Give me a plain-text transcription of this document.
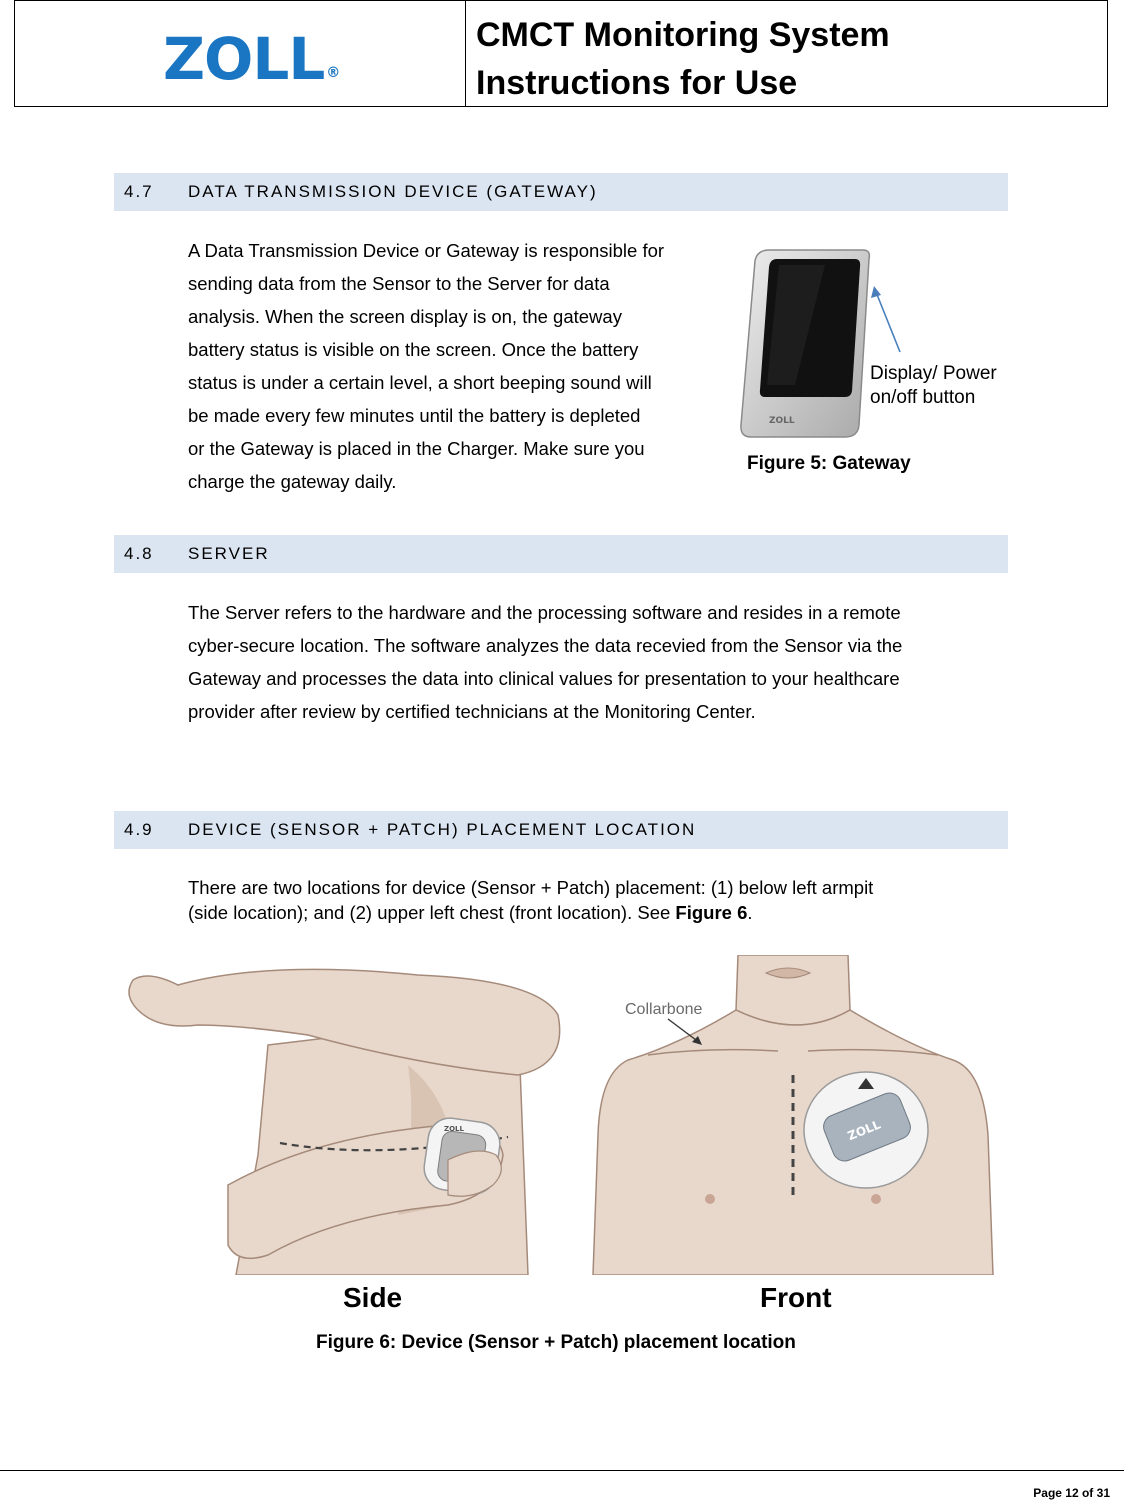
ZOLL ®

CMCT Monitoring System

Instructions for Use

4.7 DATA TRANSMISSION DEVICE (GATEWAY)

A Data Transmission Device or Gateway is responsible for

sending data from the Sensor to the Server for data

analysis. When the screen display is on, the gateway

battery status is visible on the screen. Once the battery

status is under a certain level, a short beeping sound will

be made every few minutes until the battery is depleted

or the Gateway is placed in the Charger. Make sure you

charge the gateway daily.

ZOLL
Display/ Power
on/off button
Figure 5: Gateway
4.8 SERVER

The Server refers to the hardware and the processing software and resides in a remote

cyber-secure location. The software analyzes the data recevied from the Sensor via the

Gateway and processes the data into clinical values for presentation to your healthcare

provider after review by certified technicians at the Monitoring Center.

4.9 DEVICE (SENSOR + PATCH) PLACEMENT LOCATION

There are two locations for device (Sensor + Patch) placement: (1) below left armpit

(side location); and (2) upper left chest (front location). See Figure 6.

ZOLL	ZOLL
Collarbone
Side	Front
Figure 6: Device (Sensor + Patch) placement location
Page 12 of 31
